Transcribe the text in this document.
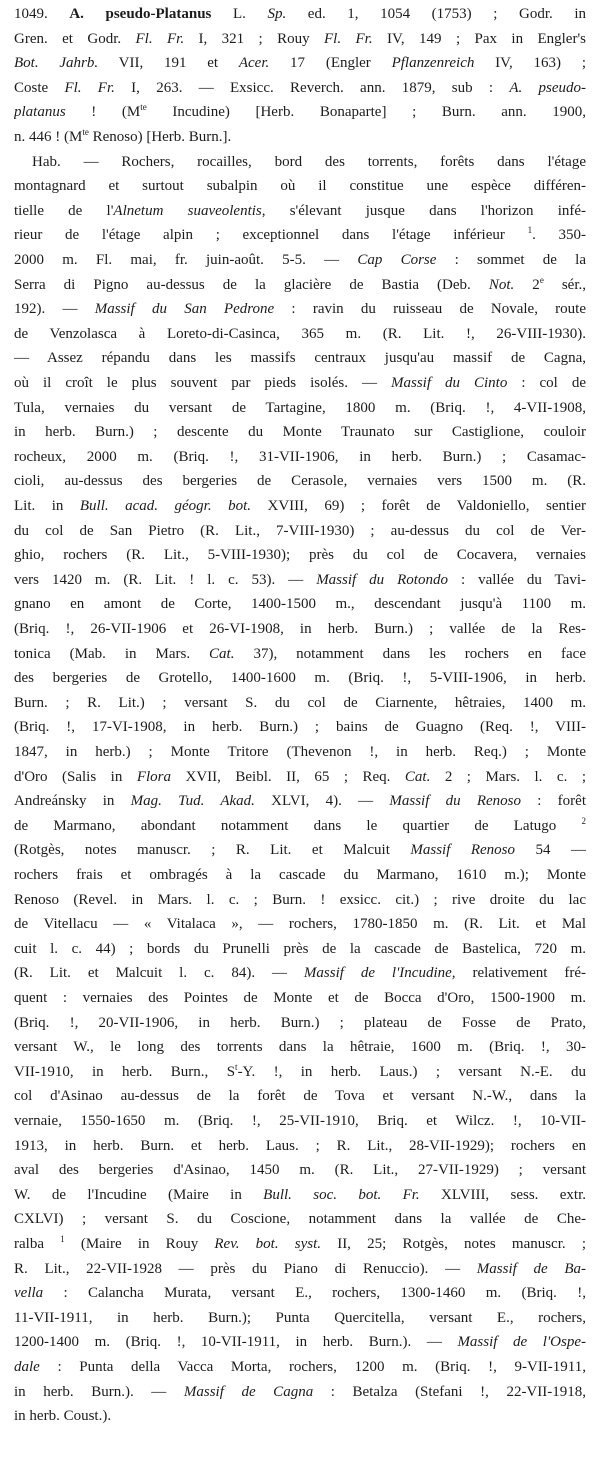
1049. A. pseudo-Platanus L. Sp. ed. 1, 1054 (1753) ; Godr. in

Gren. et Godr. Fl. Fr. I, 321 ; Rouy Fl. Fr. IV, 149 ; Pax in Engler's

Bot. Jahrb. VII, 191 et Acer. 17 (Engler Pflanzenreich IV, 163) ;

Coste Fl. Fr. I, 263. — Exsicc. Reverch. ann. 1879, sub : A. pseudo-

platanus ! ($M^{te}$ Incudine) [Herb. Bonaparte] ; Burn. ann. 1900,

n. 446 ! ($M^{te}$ Renoso) [Herb. Burn.].

Hab. — Rochers, rocailles, bord des torrents, forêts dans l'étage

montagnard et surtout subalpin où il constitue une espèce différen-

tielle de l'Alnetum suaveolentis, s'élevant jusque dans l'horizon infé-

rieur de l'étage alpin ; exceptionnel dans l'étage inférieur $^1$. 350-

2000 m. Fl. mai, fr. juin-août. 5-5. — Cap Corse : sommet de la

Serra di Pigno au-dessus de la glacière de Bastia (Deb. Not. 2e sér.,

192). — Massif du San Pedrone : ravin du ruisseau de Novale, route

de Venzolasca à Loreto-di-Casinca, 365 m. (R. Lit. !, 26-VIII-1930).

— Assez répandu dans les massifs centraux jusqu'au massif de Cagna,

où il croît le plus souvent par pieds isolés. — Massif du Cinto : col de

Tula, vernaies du versant de Tartagine, 1800 m. (Briq. !, 4-VII-1908,

in herb. Burn.) ; descente du Monte Traunato sur Castiglione, couloir

rocheux, 2000 m. (Briq. !, 31-VII-1906, in herb. Burn.) ; Casamac-

cioli, au-dessus des bergeries de Cerasole, vernaies vers 1500 m. (R.

Lit. in Bull. acad. géogr. bot. XVIII, 69) ; forêt de Valdoniello, sentier

du col de San Pietro (R. Lit., 7-VIII-1930) ; au-dessus du col de Ver-

ghio, rochers (R. Lit., 5-VIII-1930); près du col de Cocavera, vernaies

vers 1420 m. (R. Lit. ! l. c. 53). — Massif du Rotondo : vallée du Tavi-

gnano en amont de Corte, 1400-1500 m., descendant jusqu'à 1100 m.

(Briq. !, 26-VII-1906 et 26-VI-1908, in herb. Burn.) ; vallée de la Res-

tonica (Mab. in Mars. Cat. 37), notamment dans les rochers en face

des bergeries de Grotello, 1400-1600 m. (Briq. !, 5-VIII-1906, in herb.

Burn. ; R. Lit.) ; versant S. du col de Ciarnente, hêtraies, 1400 m.

(Briq. !, 17-VI-1908, in herb. Burn.) ; bains de Guagno (Req. !, VIII-

1847, in herb.) ; Monte Tritore (Thevenon !, in herb. Req.) ; Monte

d'Oro (Salis in Flora XVII, Beibl. II, 65 ; Req. Cat. 2 ; Mars. l. c. ;

Andreánsky in Mag. Tud. Akad. XLVI, 4). — Massif du Renoso : forêt

de Marmano, abondant notamment dans le quartier de Latugo $^2$

(Rotgès, notes manuscr. ; R. Lit. et Malcuit Massif Renoso 54 —

rochers frais et ombragés à la cascade du Marmano, 1610 m.); Monte

Renoso (Revel. in Mars. l. c. ; Burn. ! exsicc. cit.) ; rive droite du lac

de Vitellacu — « Vitalaca », — rochers, 1780-1850 m. (R. Lit. et Mal

cuit l. c. 44) ; bords du Prunelli près de la cascade de Bastelica, 720 m.

(R. Lit. et Malcuit l. c. 84). — Massif de l'Incudine, relativement fré-

quent : vernaies des Pointes de Monte et de Bocca d'Oro, 1500-1900 m.

(Briq. !, 20-VII-1906, in herb. Burn.) ; plateau de Fosse de Prato,

versant W., le long des torrents dans la hêtraie, 1600 m. (Briq. !, 30-

VII-1910, in herb. Burn., $S^t-Y$. !, in herb. Laus.) ; versant N.-E. du

col d'Asinao au-dessus de la forêt de Tova et versant N.-W., dans la

vernaie, 1550-1650 m. (Briq. !, 25-VII-1910, Briq. et Wilcz. !, 10-VII-

1913, in herb. Burn. et herb. Laus. ; R. Lit., 28-VII-1929); rochers en

aval des bergeries d'Asinao, 1450 m. (R. Lit., 27-VII-1929) ; versant

W. de l'Incudine (Maire in Bull. soc. bot. Fr. XLVIII, sess. extr.

CXLVI) ; versant S. du Coscione, notamment dans la vallée de Che-

ralba $^1$ (Maire in Rouy Rev. bot. syst. II, 25; Rotgès, notes manuscr. ;

R. Lit., 22-VII-1928 — près du Piano di Renuccio). — Massif de Ba-

vella : Calancha Murata, versant E., rochers, 1300-1460 m. (Briq. !,

11-VII-1911, in herb. Burn.); Punta Quercitella, versant E., rochers,

1200-1400 m. (Briq. !, 10-VII-1911, in herb. Burn.). — Massif de l'Ospe-

dale : Punta della Vacca Morta, rochers, 1200 m. (Briq. !, 9-VII-1911,

in herb. Burn.). — Massif de Cagna : Betalza (Stefani !, 22-VII-1918,

in herb. Coust.).
